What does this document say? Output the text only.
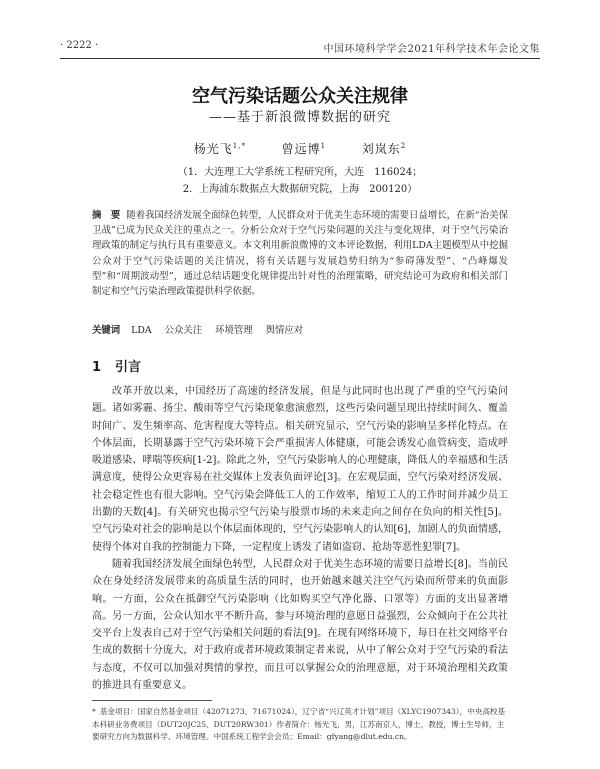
· 2222 ·	中国环境科学学会2021年科学技术年会论文集
空气污染话题公众关注规律
——基于新浪微博数据的研究
杨光飞$^{1,*}$	曾远博$^1$	刘岚东$^2$
（1．大连理工大学系统工程研究所，大连　116024；
2．上海浦东数据点大数据研究院，上海　200120）
摘　要 随着我国经济发展全面绿色转型，人民群众对于优美生态环境的需要日益增长，在新“治美保卫战”已成为民众关注的重点之一。分析公众对于空气污染问题的关注与变化规律，对于空气污染治理政策的制定与执行具有重要意义。本文利用新浪微博的文本评论数据，利用LDA主题模型从中挖掘公众对于空气污染话题的关注情况，将有关话题与发展趋势归纳为“参碍薄发型”、“凸峰爆发型”和“周期波动型”，通过总结话题变化规律提出针对性的治理策略，研究结论可为政府和相关部门制定和空气污染治理政策提供科学依据。
关键词 LDA 公众关注 环境管理 舆情应对
1 引言

改革开放以来，中国经历了高速的经济发展，但是与此同时也出现了严重的空气污染问题。诸如雾霾、扬尘、酸雨等空气污染现象愈演愈烈，这些污染问题呈现出持续时间久、覆盖时间广、发生频率高、危害程度大等特点。相关研究显示，空气污染的影响呈多样化特点。在个体层面，长期暴露于空气污染环境下会严重损害人体健康，可能会诱发心血管病变，造成呼吸道感染、哮喘等疾病[1-2]。除此之外，空气污染影响人的心理健康，降低人的幸福感和生活满意度，使得公众更容易在社交媒体上发表负面评论[3]。在宏观层面，空气污染对经济发展、社会稳定性也有很大影响。空气污染会降低工人的工作效率，缩短工人的工作时间并减少员工出勤的天数[4]。有关研究也揭示空气污染与股票市场的未来走向之间存在负向的相关性[5]。空气污染对社会的影响是以个体层面体现的，空气污染影响人的认知[6]，加剧人的负面情感，使得个体对自我的控制能力下降，一定程度上诱发了诸如盗窃、抢劫等恶性犯罪[7]。

随着我国经济发展全面绿色转型，人民群众对于优美生态环境的需要日益增长[8]。当前民众在身处经济发展带来的高质量生活的同时，也开始越来越关注空气污染而所带来的负面影响。一方面，公众在抵御空气污染影响（比如购买空气净化器、口罩等）方面的支出显著增高。另一方面，公众认知水平不断升高，参与环境治理的意愿日益强烈，公众倾向于在公共社交平台上发表自己对于空气污染相关问题的看法[9]。在现有网络环境下，每日在社交网络平台生成的数据十分庞大，对于政府或者环境政策制定者来说，从中了解公众对于空气污染的看法与态度，不仅可以加强对舆情的掌控，而且可以掌握公众的治理意愿，对于环境治理相关政策的推进具有重要意义。

* 基金项目：国家自然基金项目（42071273、71671024），辽宁省“兴辽英才计划”项目（XLYC1907343），中央高校基本科研业务费项目（DUT20JC25、DUT20RW301）作者简介：杨光飞，男，江苏南京人，博士，教授，博士生导师，主要研究方向为数据科学、环境管理。中国系统工程学会会员；Email：gfyang@dlut.edu.cn。
